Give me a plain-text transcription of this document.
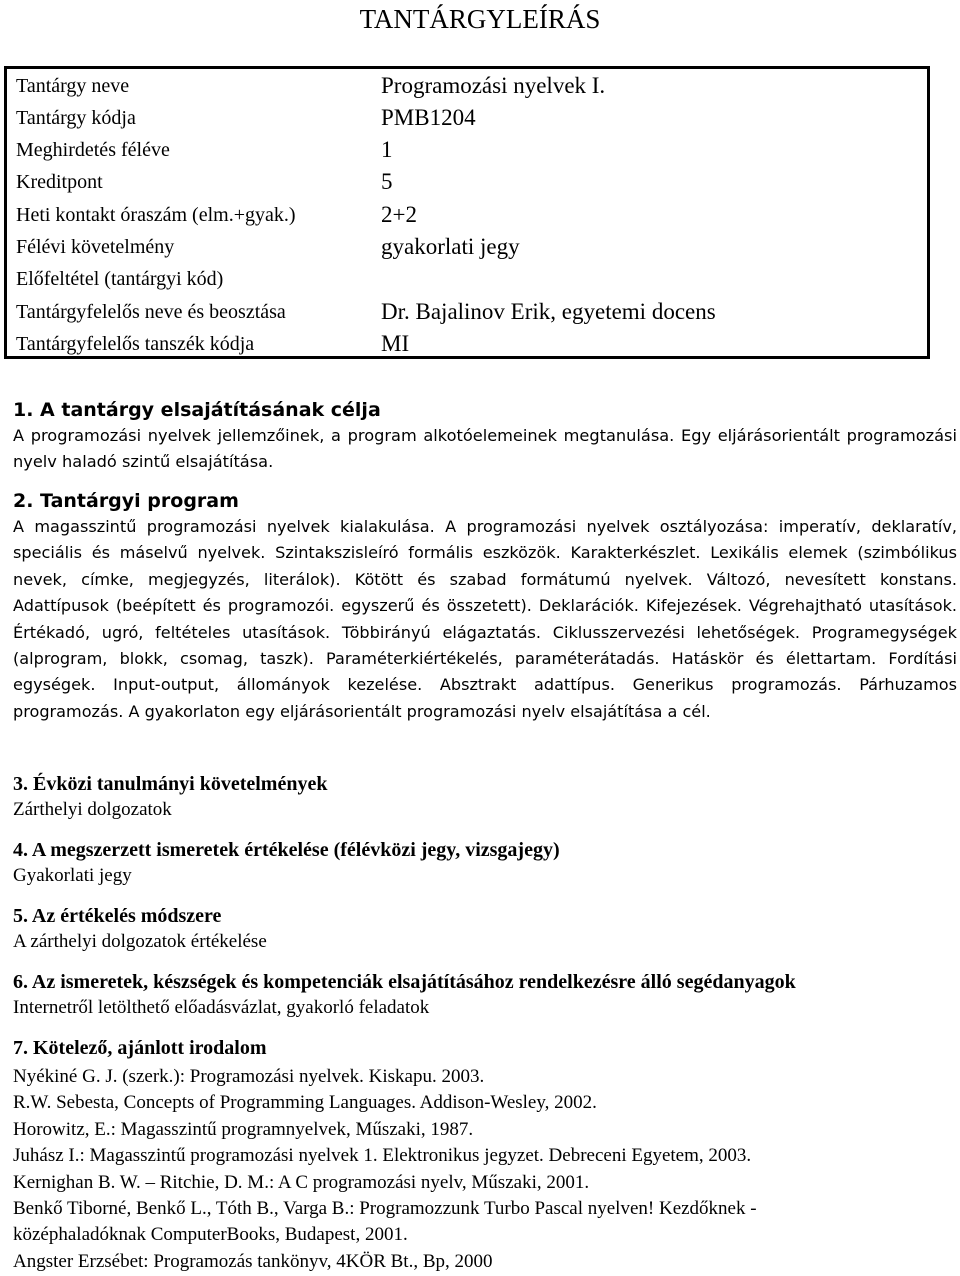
TANTÁRGYLEÍRÁS
Tantárgy neve	Programozási nyelvek I.
Tantárgy kódja	PMB1204
Meghirdetés féléve	1
Kreditpont	5
Heti kontakt óraszám (elm.+gyak.)	2+2
Félévi követelmény	gyakorlati jegy
Előfeltétel (tantárgyi kód)
Tantárgyfelelős neve és beosztása	Dr. Bajalinov Erik, egyetemi docens
Tantárgyfelelős tanszék kódja	MI
1. A tantárgy elsajátításának célja

A programozási nyelvek jellemzőinek, a program alkotóelemeinek megtanulása. Egy eljárásorientált programozási nyelv haladó szintű elsajátítása.

2. Tantárgyi program

A magasszintű programozási nyelvek kialakulása. A programozási nyelvek osztályozása: imperatív, deklaratív, speciális és máselvű nyelvek. Szintakszisleíró formális eszközök. Karakterkészlet. Lexikális elemek (szimbólikus nevek, címke, megjegyzés, literálok). Kötött és szabad formátumú nyelvek. Változó, nevesített konstans. Adattípusok (beépített és programozói. egyszerű és összetett). Deklarációk. Kifejezések. Végrehajtható utasítások. Értékadó, ugró, feltételes utasítások. Többirányú elágaztatás. Ciklusszervezési lehetőségek. Programegységek (alprogram, blokk, csomag, taszk). Paraméterkiértékelés, paraméterátadás. Hatáskör és élettartam. Fordítási egységek. Input-output, állományok kezelése. Absztrakt adattípus. Generikus programozás. Párhuzamos programozás. A gyakorlaton egy eljárásorientált programozási nyelv elsajátítása a cél.

3. Évközi tanulmányi követelmények

Zárthelyi dolgozatok

4. A megszerzett ismeretek értékelése (félévközi jegy, vizsgajegy)

Gyakorlati jegy

5. Az értékelés módszere

A zárthelyi dolgozatok értékelése

6. Az ismeretek, készségek és kompetenciák elsajátításához rendelkezésre álló segédanyagok

Internetről letölthető előadásvázlat, gyakorló feladatok

7. Kötelező, ajánlott irodalom
Nyékiné G. J. (szerk.): Programozási nyelvek. Kiskapu. 2003.
R.W. Sebesta, Concepts of Programming Languages. Addison-Wesley, 2002.
Horowitz, E.: Magasszintű programnyelvek, Műszaki, 1987.
Juhász I.: Magasszintű programozási nyelvek 1. Elektronikus jegyzet. Debreceni Egyetem, 2003.
Kernighan B. W. – Ritchie, D. M.: A C programozási nyelv, Műszaki, 2001.
Benkő Tiborné, Benkő L., Tóth B., Varga B.: Programozzunk Turbo Pascal nyelven! Kezdőknek -
középhaladóknak ComputerBooks, Budapest, 2001.
Angster Erzsébet: Programozás tankönyv, 4KÖR Bt., Bp, 2000
